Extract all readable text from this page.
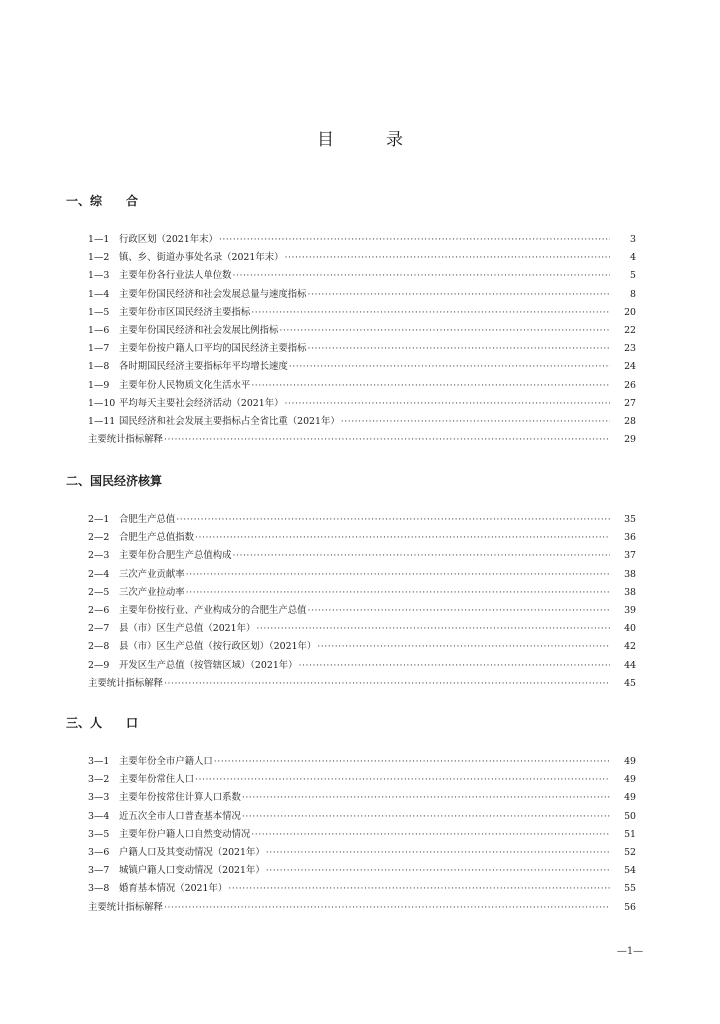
目	录
一、综　　合
1—1	行政区划（2021年末） ·····	3
1—2	镇、乡、街道办事处名录（2021年末） ·····	4
1—3	主要年份各行业法人单位数 ·····	5
1—4	主要年份国民经济和社会发展总量与速度指标 ·····	8
1—5	主要年份市区国民经济主要指标 ·····	20
1—6	主要年份国民经济和社会发展比例指标 ·····	22
1—7	主要年份按户籍人口平均的国民经济主要指标 ·····	23
1—8	各时期国民经济主要指标年平均增长速度 ·····	24
1—9	主要年份人民物质文化生活水平 ·····	26
1—10 平均每天主要社会经济活动（2021年） ·····	27
1—11 国民经济和社会发展主要指标占全省比重（2021年） ·····	28
主要统计指标解释 ·····	29
二、国民经济核算
2—1	合肥生产总值 ·····	35
2—2	合肥生产总值指数 ·····	36
2—3	主要年份合肥生产总值构成 ·····	37
2—4	三次产业贡献率 ·····	38
2—5	三次产业拉动率 ·····	38
2—6	主要年份按行业、产业构成分的合肥生产总值 ·····	39
2—7	县（市）区生产总值（2021年） ·····	40
2—8	县（市）区生产总值（按行政区划）（2021年） ·····	42
2—9	开发区生产总值（按管辖区域）（2021年） ·····	44
主要统计指标解释 ·····	45
三、人　　口
3—1	主要年份全市户籍人口 ·····	49
3—2	主要年份常住人口 ·····	49
3—3	主要年份按常住计算人口系数 ·····	49
3—4	近五次全市人口普查基本情况 ·····	50
3—5	主要年份户籍人口自然变动情况 ·····	51
3—6	户籍人口及其变动情况（2021年） ·····	52
3—7	城镇户籍人口变动情况（2021年） ·····	54
3—8	婚育基本情况（2021年） ·····	55
主要统计指标解释 ·····	56
—1—
